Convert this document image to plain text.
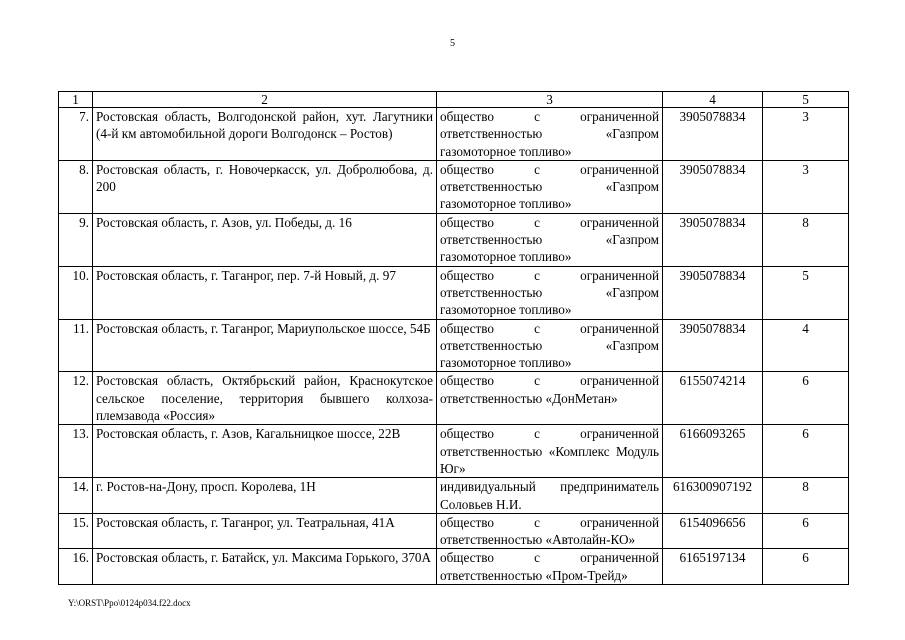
5
1	2	3	4	5
7.	Ростовская область, Волгодонской район, хут. Лагутники (4-й км автомобильной дороги Волгодонск – Ростов)	общество с ограниченной ответственностью «Газпром газомоторное топливо»	3905078834	3
8.	Ростовская область, г. Новочеркасск, ул. Добролюбова, д. 200	общество с ограниченной ответственностью «Газпром газомоторное топливо»	3905078834	3
9.	Ростовская область, г. Азов, ул. Победы, д. 16	общество с ограниченной ответственностью «Газпром газомоторное топливо»	3905078834	8
10.	Ростовская область, г. Таганрог, пер. 7-й Новый, д. 97	общество с ограниченной ответственностью «Газпром газомоторное топливо»	3905078834	5
11.	Ростовская область, г. Таганрог, Мариупольское шоссе, 54Б	общество с ограниченной ответственностью «Газпром газомоторное топливо»	3905078834	4
12.	Ростовская область, Октябрьский район, Краснокутское сельское поселение, территория бывшего колхоза-племзавода «Россия»	общество с ограниченной ответственностью «ДонМетан»	6155074214	6
13.	Ростовская область, г. Азов, Кагальницкое шоссе, 22В	общество с ограниченной ответственностью «Комплекс Модуль Юг»	6166093265	6
14.	г. Ростов-на-Дону, просп. Королева, 1Н	индивидуальный предприниматель Соловьев Н.И.	616300907192	8
15.	Ростовская область, г. Таганрог, ул. Театральная, 41А	общество с ограниченной ответственностью «Автолайн-КО»	6154096656	6
16.	Ростовская область, г. Батайск, ул. Максима Горького, 370А	общество с ограниченной ответственностью «Пром-Трейд»	6165197134	6
Y:\ORST\Ppo\0124p034.f22.docx
